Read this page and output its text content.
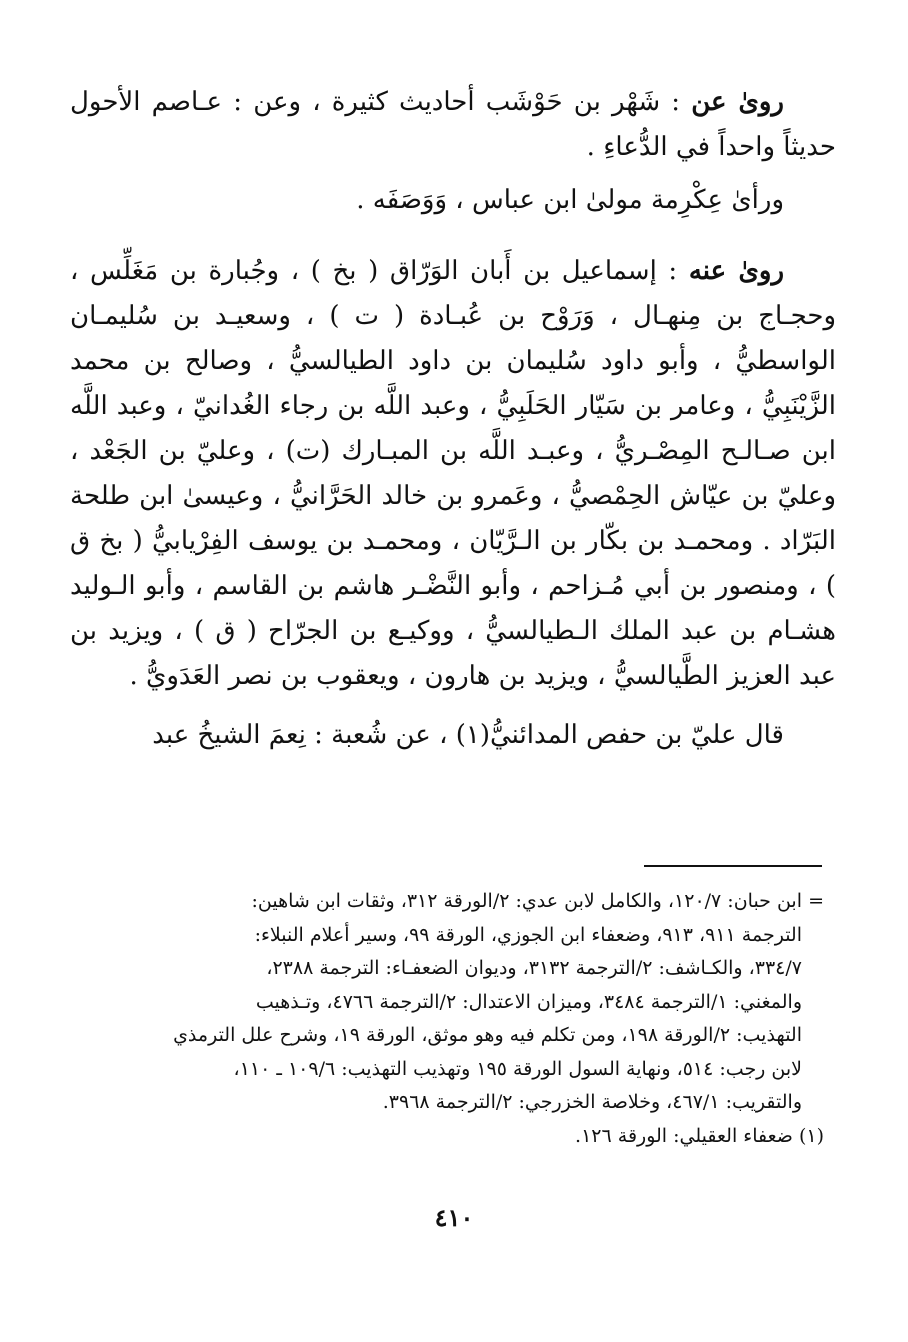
روىٰ عن : شَهْر بن حَوْشَب أحاديث كثيرة ، وعن : عـاصم الأحول حديثاً واحداً في الدُّعاءِ .

ورأىٰ عِكْرِمة مولىٰ ابن عباس ، وَوَصَفَه .

روىٰ عنه : إسماعيل بن أَبان الوَرّاق ( بخ ) ، وجُبارة بن مَغَلِّس ، وحجـاج بن مِنهـال ، وَرَوْح بن عُبـادة ( ت ) ، وسعيـد بن سُليمـان الواسطيُّ ، وأبو داود سُليمان بن داود الطيالسيُّ ، وصالح بن محمد الزَّيْنَبِيُّ ، وعامر بن سَيّار الحَلَبِيُّ ، وعبد اللَّه بن رجاء الغُدانيّ ، وعبد اللَّه ابن صـالـح المِصْـريُّ ، وعبـد اللَّه بن المبـارك (ت) ، وعليّ بن الجَعْد ، وعليّ بن عيّاش الحِمْصيُّ ، وعَمرو بن خالد الحَرَّانيُّ ، وعيسىٰ ابن طلحة البَرّاد . ومحمـد بن بكّار بن الـرَّيّان ، ومحمـد بن يوسف الفِرْيابيُّ ( بخ ق ) ، ومنصور بن أبي مُـزاحم ، وأبو النَّضْـر هاشم بن القاسم ، وأبو الـوليد هشـام بن عبد الملك الـطيالسيُّ ، ووكيـع بن الجرّاح ( ق ) ، ويزيد بن عبد العزيز الطَّيالسيُّ ، ويزيد بن هارون ، ويعقوب بن نصر العَدَويُّ .

قال عليّ بن حفص المدائنيُّ(١) ، عن شُعبة : نِعمَ الشيخُ عبد

=

ابن حبان: ١٢٠/٧، والكامل لابن عدي: ٢/الورقة ٣١٢، وثقات ابن شاهين:

الترجمة ٩١١، ٩١٣، وضعفاء ابن الجوزي، الورقة ٩٩، وسير أعلام النبلاء:

٣٣٤/٧، والكـاشف: ٢/الترجمة ٣١٣٢، وديوان الضعفـاء: الترجمة ٢٣٨٨،

والمغني: ١/الترجمة ٣٤٨٤، وميزان الاعتدال: ٢/الترجمة ٤٧٦٦، وتـذهيب

التهذيب: ٢/الورقة ١٩٨، ومن تكلم فيه وهو موثق، الورقة ١٩، وشرح علل الترمذي

لابن رجب: ٥١٤، ونهاية السول الورقة ١٩٥ وتهذيب التهذيب: ١٠٩/٦ ـ ١١٠،

والتقريب: ٤٦٧/١، وخلاصة الخزرجي: ٢/الترجمة ٣٩٦٨.

(١) ضعفاء العقيلي: الورقة ١٢٦.

٤١٠
